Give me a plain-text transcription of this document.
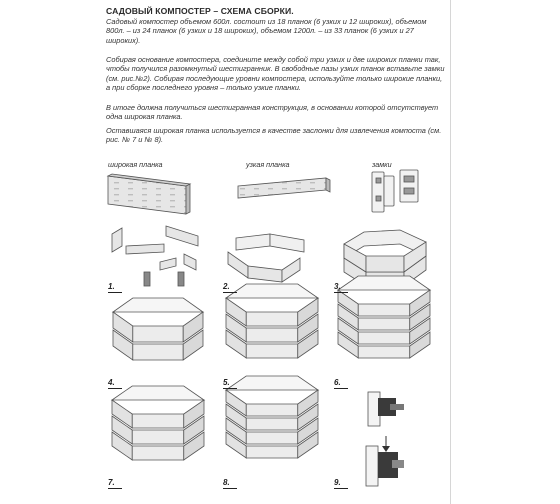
САДОВЫЙ КОМПОСТЕР – СХЕМА СБОРКИ.

Садовый компостер объемом 600л. состоит из 18 планок (6 узких и 12 широких), объемом 800л. – из 24 планок (6 узких и 18 широких), объемом 1200л. – из 33 планок (6 узких и 27 широких).

Собирая основание компостера, соедините между собой три узких и две широких планки так, чтобы получился разомкнутый шестигранник. В свободные пазы узких планок вставьте замки (см. рис.№2). Собирая последующие уровни компостера, используйте только широкие планки, а при сборке последнего уровня – только узкие планки.

В итоге должна получиться шестигранная конструкция, в основании которой отсутствует одна широкая планка.

Оставшаяся широкая планка используется в качестве заслонки для извлечения компоста (см. рис. № 7 и № 8).

широкая планка	узкая планка	замки
1.	2.	3.
4.	5.	6.
7.	8.	9.
